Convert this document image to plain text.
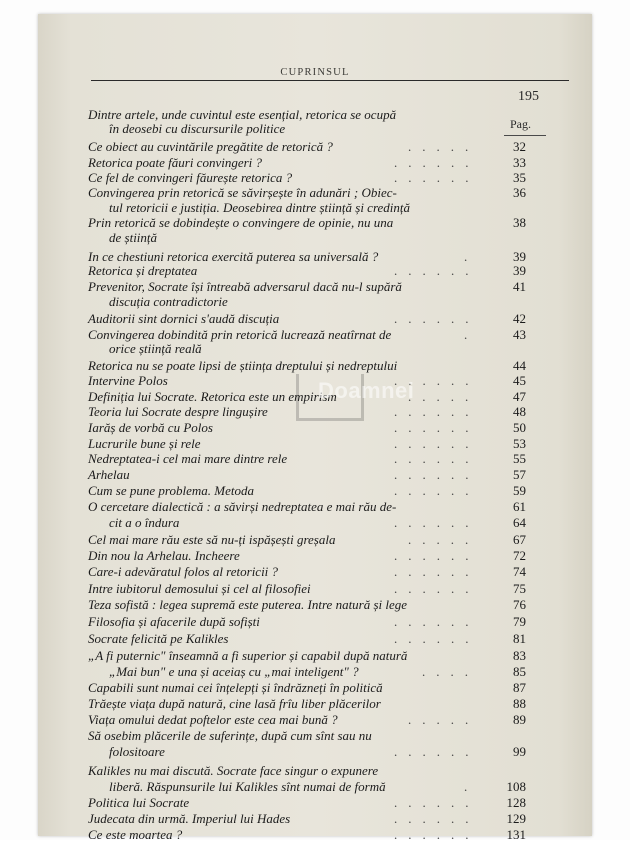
CUPRINSUL
195
Pag.
Dintre artele, unde cuvintul este esențial, retorica se ocupă
în deosebi cu discursurile politice
Ce obiect au cuvintările pregătite de retorică ?	.....	32
Retorica poate făuri convingeri ?	......	33
Ce fel de convingeri făurește retorica ?	......	35
Convingerea prin retorică se săvirșește în adunări ; Obiec-	36
tul retoricii e justiția. Deosebirea dintre știință și credință
Prin retorică se dobindește o convingere de opinie, nu una	38
de știință
In ce chestiuni retorica exercită puterea sa universală ?	.	39
Retorica și dreptatea	......	39
Prevenitor, Socrate își întreabă adversarul dacă nu-l supără	41
discuția contradictorie
Auditorii sint dornici s'audă discuția	......	42
Convingerea dobindită prin retorică lucrează neatîrnat de	.	43
orice știință reală
Retorica nu se poate lipsi de știința dreptului și nedreptului	44
Intervine Polos	......	45
Definiția lui Socrate. Retorica este un empirism	.....	47
Teoria lui Socrate despre lingușire	......	48
Iarăș de vorbă cu Polos	......	50
Lucrurile bune și rele	......	53
Nedreptatea-i cel mai mare dintre rele	......	55
Arhelau	......	57
Cum se pune problema. Metoda	......	59
O cercetare dialectică : a săvirși nedreptatea e mai rău de-	61
cit a o îndura	......	64
Cel mai mare rău este să nu-ți ispășești greșala	.....	67
Din nou la Arhelau. Incheere	......	72
Care-i adevăratul folos al retoricii ?	......	74
Intre iubitorul demosului și cel al filosofiei	......	75
Teza sofistă : legea supremă este puterea. Intre natură și lege	76
Filosofia și afacerile după sofiști	......	79
Socrate felicită pe Kalikles	......	81
„A fi puternic" înseamnă a fi superior și capabil după natură	83
„Mai bun" e una și aceiaș cu „mai inteligent" ?	....	85
Capabili sunt numai cei înțelepți și îndrăzneți în politică	87
Trăește viața după natură, cine lasă frîu liber plăcerilor	88
Viața omului dedat poftelor este cea mai bună ?	.....	89
Să osebim plăcerile de suferințe, după cum sînt sau nu
folositoare	......	99
Kalikles nu mai discută. Socrate face singur o expunere
liberă. Răspunsurile lui Kalikles sînt numai de formă	.	108
Politica lui Socrate	......	128
Judecata din urmă. Imperiul lui Hades	......	129
Ce este moartea ?	......	131
Doamnei
